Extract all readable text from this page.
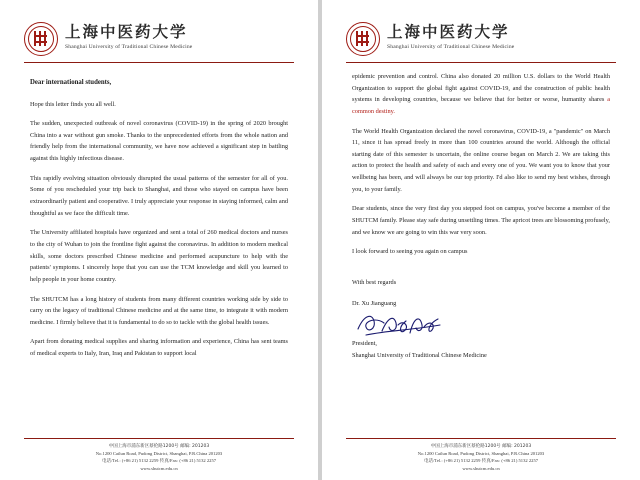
上海中医药大学
Shanghai University of Traditional Chinese Medicine
Dear international students,

Hope this letter finds you all well.

The sudden, unexpected outbreak of novel coronavirus (COVID-19) in the spring of 2020 brought China into a war without gun smoke. Thanks to the unprecedented efforts from the whole nation and friendly help from the international community, we have now achieved a significant step in battling against this highly infectious disease.

This rapidly evolving situation obviously disrupted the usual patterns of the semester for all of you. Some of you rescheduled your trip back to Shanghai, and those who stayed on campus have been extraordinarily patient and cooperative. I truly appreciate your response in staying informed, calm and thoughtful as we face the difficult time.

The University affiliated hospitals have organized and sent a total of 260 medical doctors and nurses to the city of Wuhan to join the frontline fight against the coronavirus. In addition to modern medical skills, some doctors prescribed Chinese medicine and performed acupuncture to help with the patients' symptoms. I sincerely hope that you can use the TCM knowledge and skill you learned to help people in your home country.

The SHUTCM has a long history of students from many different countries working side by side to carry on the legacy of traditional Chinese medicine and at the same time, to integrate it with modern medicine. I firmly believe that it is fundamental to do so to tackle with the global health issues.

Apart from donating medical supplies and sharing information and experience, China has sent teams of medical experts to Italy, Iran, Iraq and Pakistan to support local

中国上海市浦东新区蔡伦路1200号 邮编: 201203
No.1200 Cailun Road, Pudong District, Shanghai, P.R.China 201203
电话/Tel.: (+86 21) 5132 2259 传真/Fax: (+86 21) 5132 2257
www.shutcm.edu.cn
上海中医药大学
Shanghai University of Traditional Chinese Medicine

epidemic prevention and control. China also donated 20 million U.S. dollars to the World Health Organization to support the global fight against COVID-19, and the construction of public health systems in developing countries, because we believe that for better or worse, humanity shares a common destiny.

The World Health Organization declared the novel coronavirus, COVID-19, a "pandemic" on March 11, since it has spread freely in more than 100 countries around the world. Although the official starting date of this semester is uncertain, the online course began on March 2. We are taking this action to protect the health and safety of each and every one of you. We want you to know that your wellbeing has been, and will always be our top priority. I'd also like to send my best wishes, through you, to your family.

Dear students, since the very first day you stepped foot on campus, you've become a member of the SHUTCM family. Please stay safe during unsettling times. The apricot trees are blossoming profusely, and we know we are going to win this war very soon.

I look forward to seeing you again on campus

With best regards

Dr. Xu Jianguang

President,

Shanghai University of Traditional Chinese Medicine

中国上海市浦东新区蔡伦路1200号 邮编: 201203
No.1200 Cailun Road, Pudong District, Shanghai, P.R.China 201203
电话/Tel.: (+86 21) 5132 2259 传真/Fax: (+86 21) 5132 2257
www.shutcm.edu.cn
